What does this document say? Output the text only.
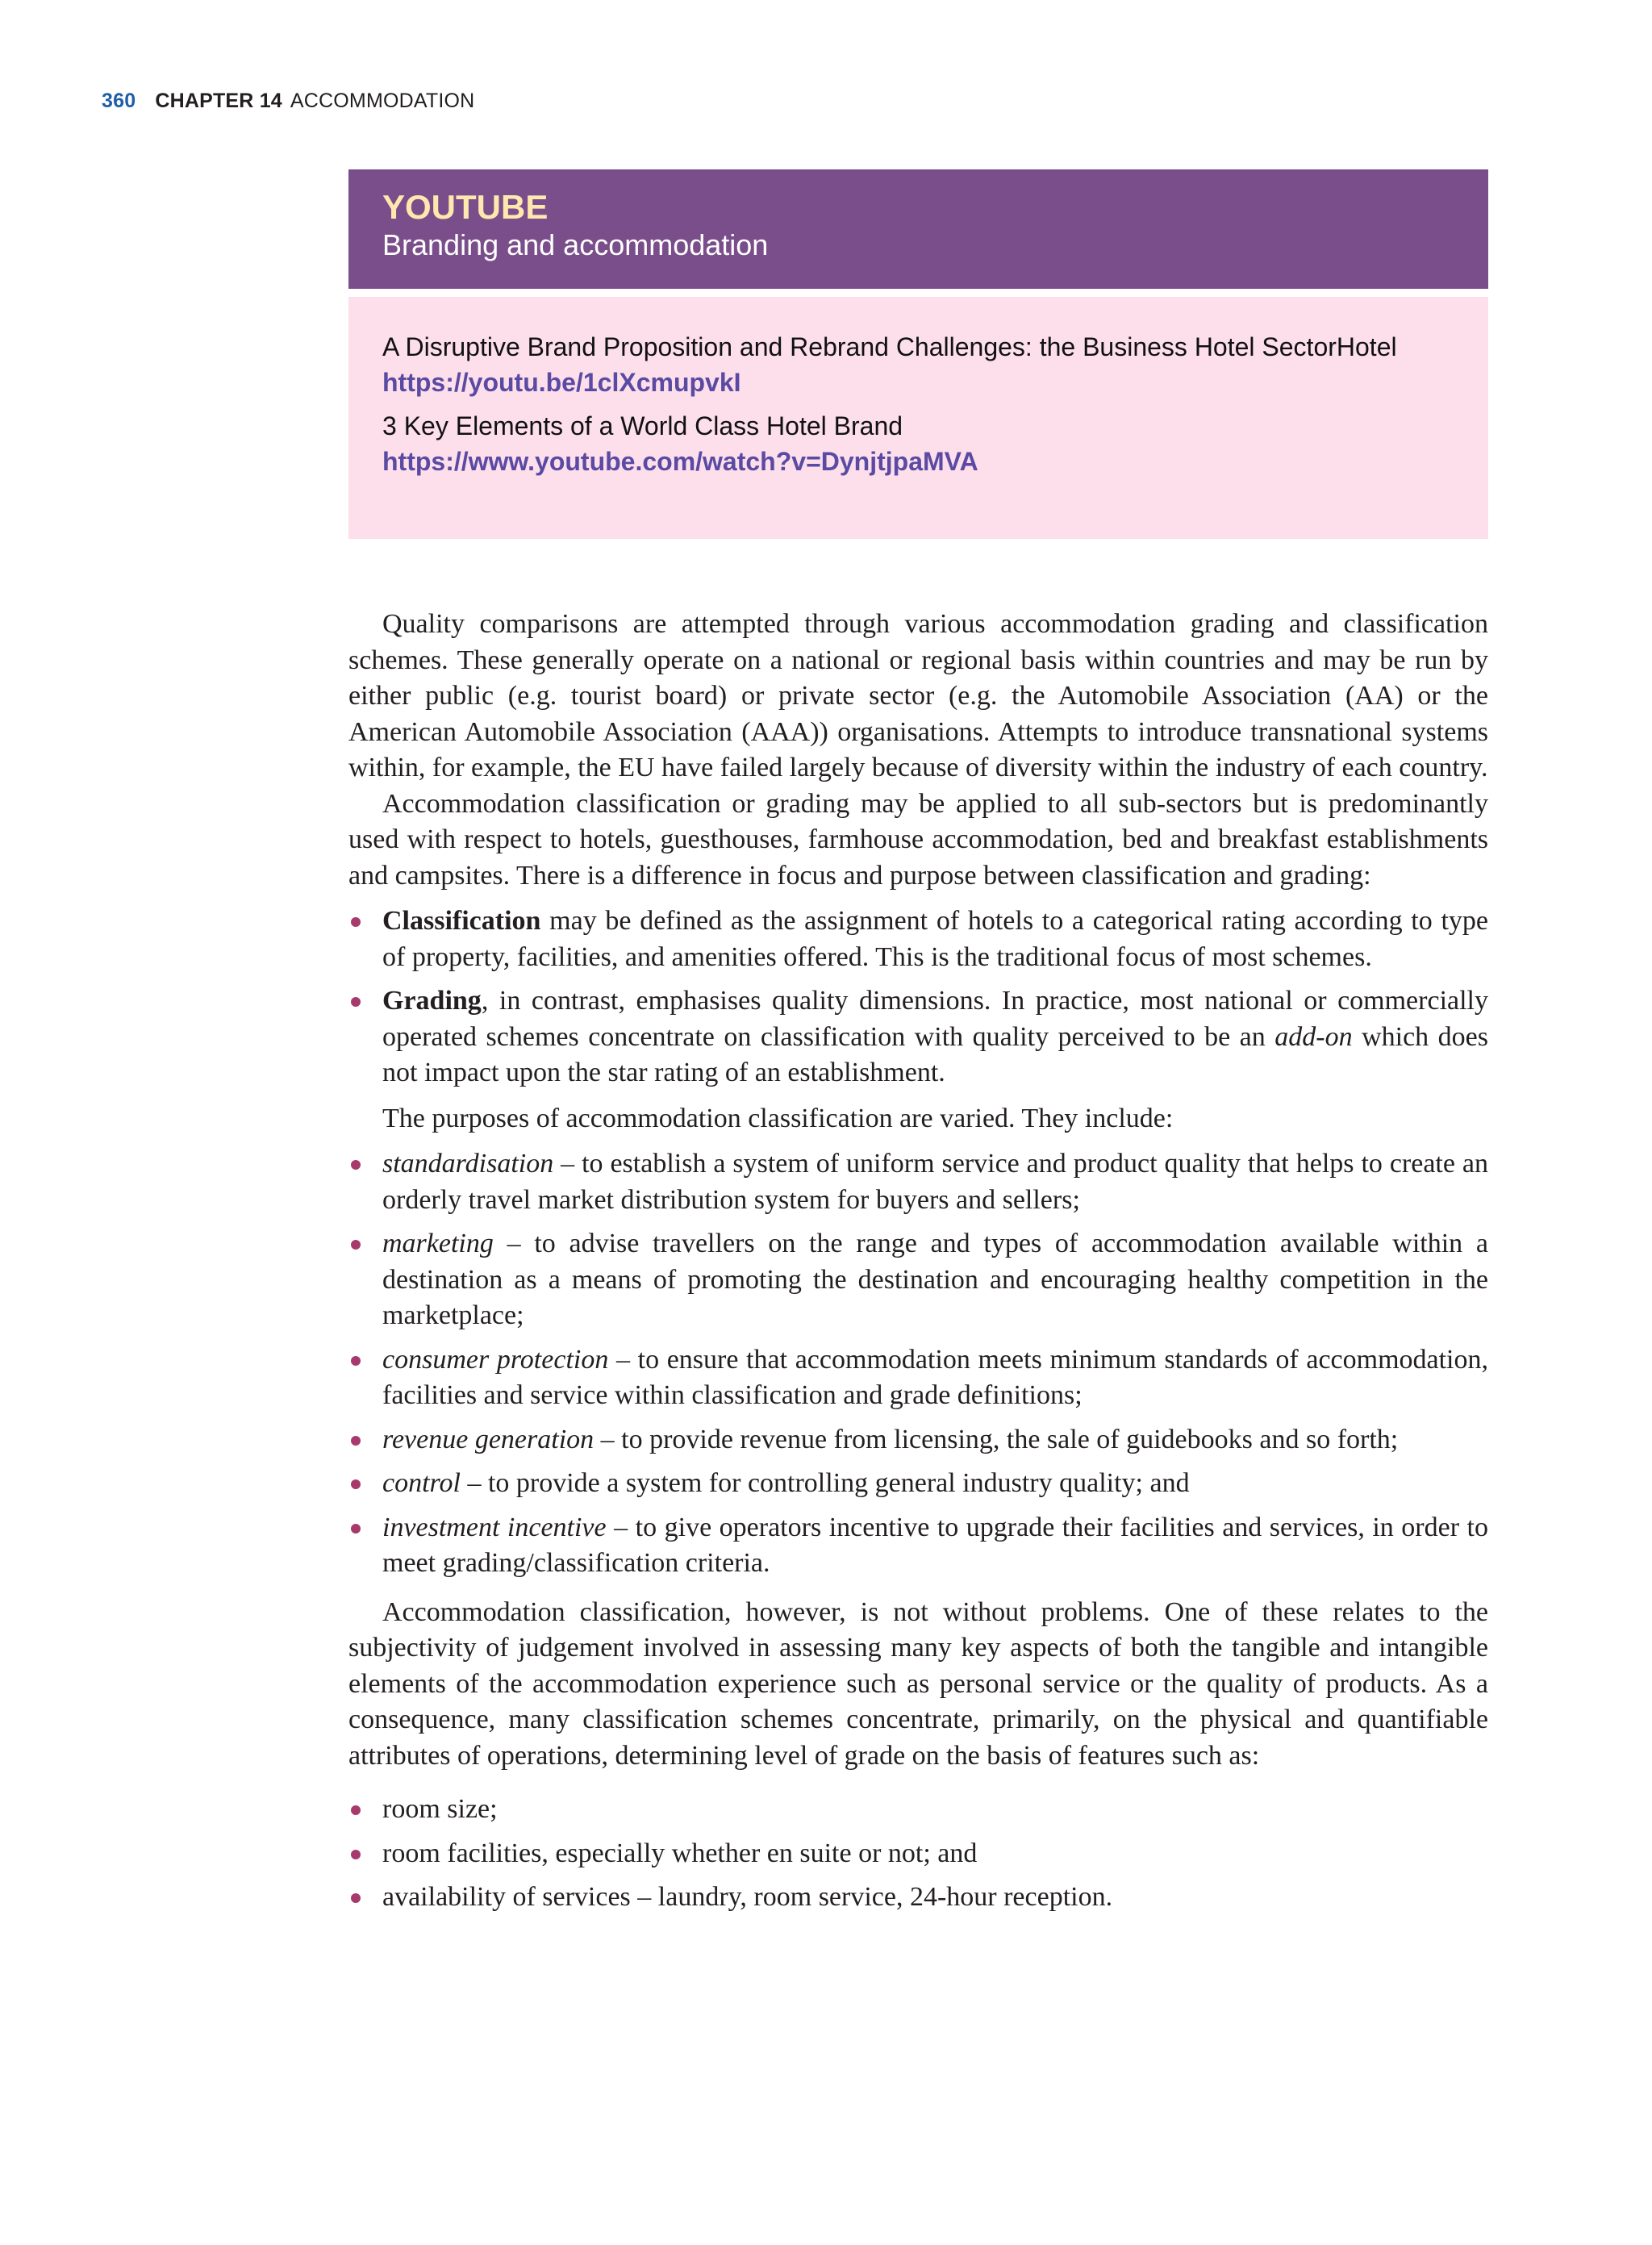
360 CHAPTER 14 ACCOMMODATION
YOUTUBE
Branding and accommodation
A Disruptive Brand Proposition and Rebrand Challenges: the Business Hotel SectorHotel
https://youtu.be/1clXcmupvkI
3 Key Elements of a World Class Hotel Brand
https://www.youtube.com/watch?v=DynjtjpaMVA

Quality comparisons are attempted through various accommodation grading and classification schemes. These generally operate on a national or regional basis within countries and may be run by either public (e.g. tourist board) or private sector (e.g. the Automobile Association (AA) or the American Automobile Association (AAA)) organisations. Attempts to introduce transnational systems within, for example, the EU have failed largely because of diversity within the industry of each country.

Accommodation classification or grading may be applied to all sub-sectors but is predominantly used with respect to hotels, guesthouses, farmhouse accommodation, bed and breakfast establishments and campsites. There is a difference in focus and purpose between classification and grading:

Classification may be defined as the assignment of hotels to a categorical rating according to type of property, facilities, and amenities offered. This is the traditional focus of most schemes.
Grading, in contrast, emphasises quality dimensions. In practice, most national or commercially operated schemes concentrate on classification with quality perceived to be an add-on which does not impact upon the star rating of an establishment.

The purposes of accommodation classification are varied. They include:

standardisation – to establish a system of uniform service and product quality that helps to create an orderly travel market distribution system for buyers and sellers;
marketing – to advise travellers on the range and types of accommodation available within a destination as a means of promoting the destination and encouraging healthy competition in the marketplace;
consumer protection – to ensure that accommodation meets minimum standards of accommodation, facilities and service within classification and grade definitions;
revenue generation – to provide revenue from licensing, the sale of guidebooks and so forth;
control – to provide a system for controlling general industry quality; and
investment incentive – to give operators incentive to upgrade their facilities and services, in order to meet grading/classification criteria.

Accommodation classification, however, is not without problems. One of these relates to the subjectivity of judgement involved in assessing many key aspects of both the tangible and intangible elements of the accommodation experience such as personal service or the quality of products. As a consequence, many classification schemes concentrate, primarily, on the physical and quantifiable attributes of operations, determining level of grade on the basis of features such as:

room size;
room facilities, especially whether en suite or not; and
availability of services – laundry, room service, 24-hour reception.
